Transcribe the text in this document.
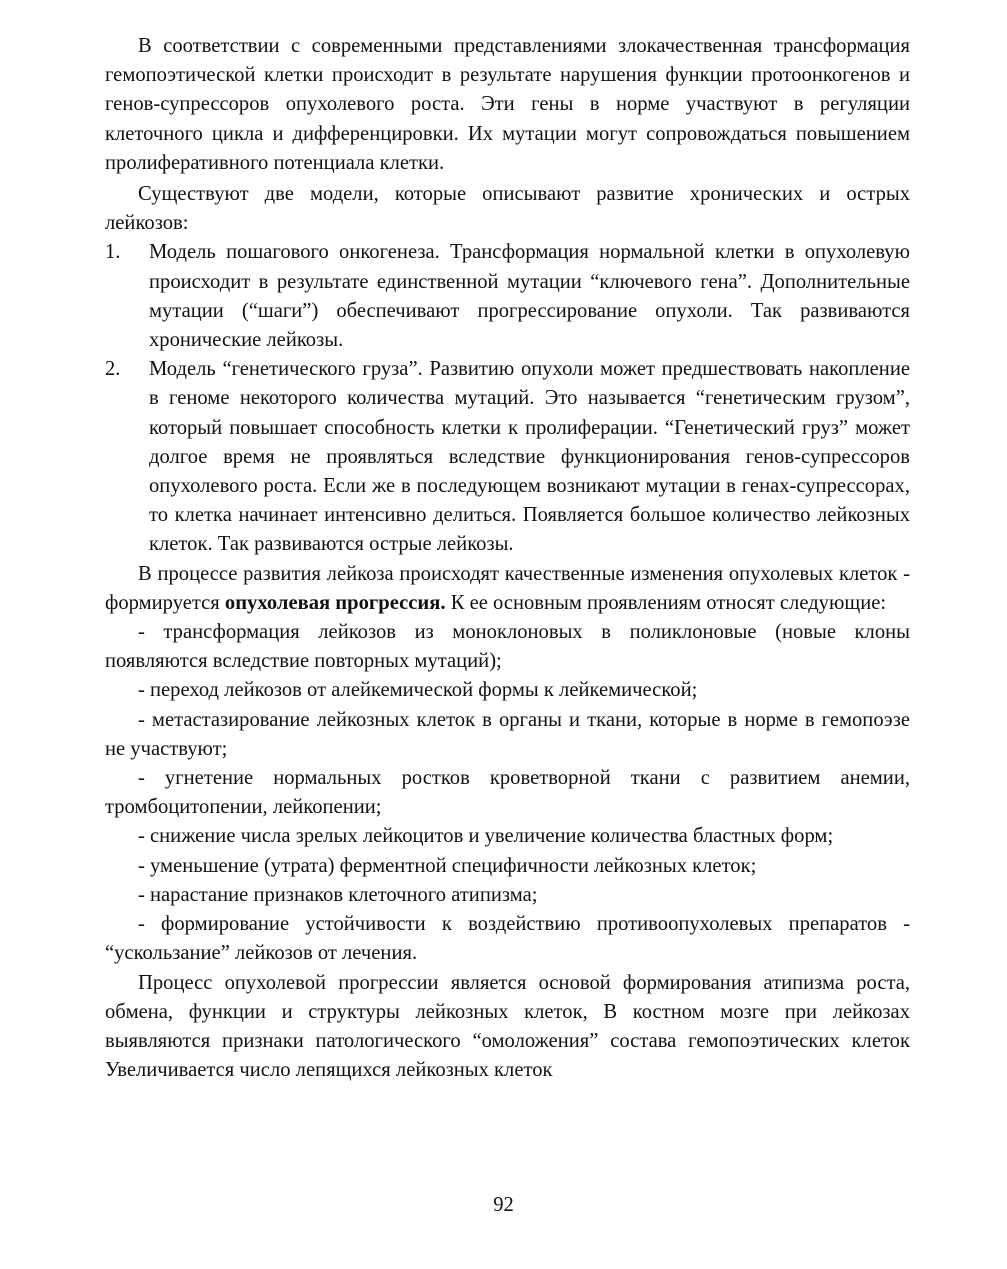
В соответствии с современными представлениями злокачественная трансформация гемопоэтической клетки происходит в результате нарушения функции протоонкогенов и генов-супрессоров опухолевого роста. Эти гены в норме участвуют в регуляции клеточного цикла и дифференцировки. Их мутации могут сопровождаться повышением пролиферативного потенциала клетки.

Существуют две модели, которые описывают развитие хронических и острых лейкозов:

1. Модель пошагового онкогенеза. Трансформация нормальной клетки в опухолевую происходит в результате единственной мутации “ключевого гена”. Дополнительные мутации (“шаги”) обеспечивают прогрессирование опухоли. Так развиваются хронические лейкозы.
2. Модель “генетического груза”. Развитию опухоли может предшествовать накопление в геноме некоторого количества мутаций. Это называется “генетическим грузом”, который повышает способность клетки к пролиферации. “Генетический груз” может долгое время не проявляться вследствие функционирования генов-супрессоров опухолевого роста. Если же в последующем возникают мутации в генах-супрессорах, то клетка начинает интенсивно делиться. Появляется большое количество лейкозных клеток. Так развиваются острые лейкозы.

В процессе развития лейкоза происходят качественные изменения опухолевых клеток - формируется опухолевая прогрессия. К ее основным проявлениям относят следующие:

- трансформация лейкозов из моноклоновых в поликлоновые (новые клоны появляются вследствие повторных мутаций);

- переход лейкозов от алейкемической формы к лейкемической;

- метастазирование лейкозных клеток в органы и ткани, которые в норме в гемопоэзе не участвуют;

- угнетение нормальных ростков кроветворной ткани с развитием анемии, тромбоцитопении, лейкопении;

- снижение числа зрелых лейкоцитов и увеличение количества бластных форм;

- уменьшение (утрата) ферментной специфичности лейкозных клеток;

- нарастание признаков клеточного атипизма;

- формирование устойчивости к воздействию противоопухолевых препаратов - “ускользание” лейкозов от лечения.

Процесс опухолевой прогрессии является основой формирования атипизма роста, обмена, функции и структуры лейкозных клеток, В костном мозге при лейкозах выявляются признаки патологического “омоложения” состава гемопоэтических клеток Увеличивается число лепящихся лейкозных клеток

92
